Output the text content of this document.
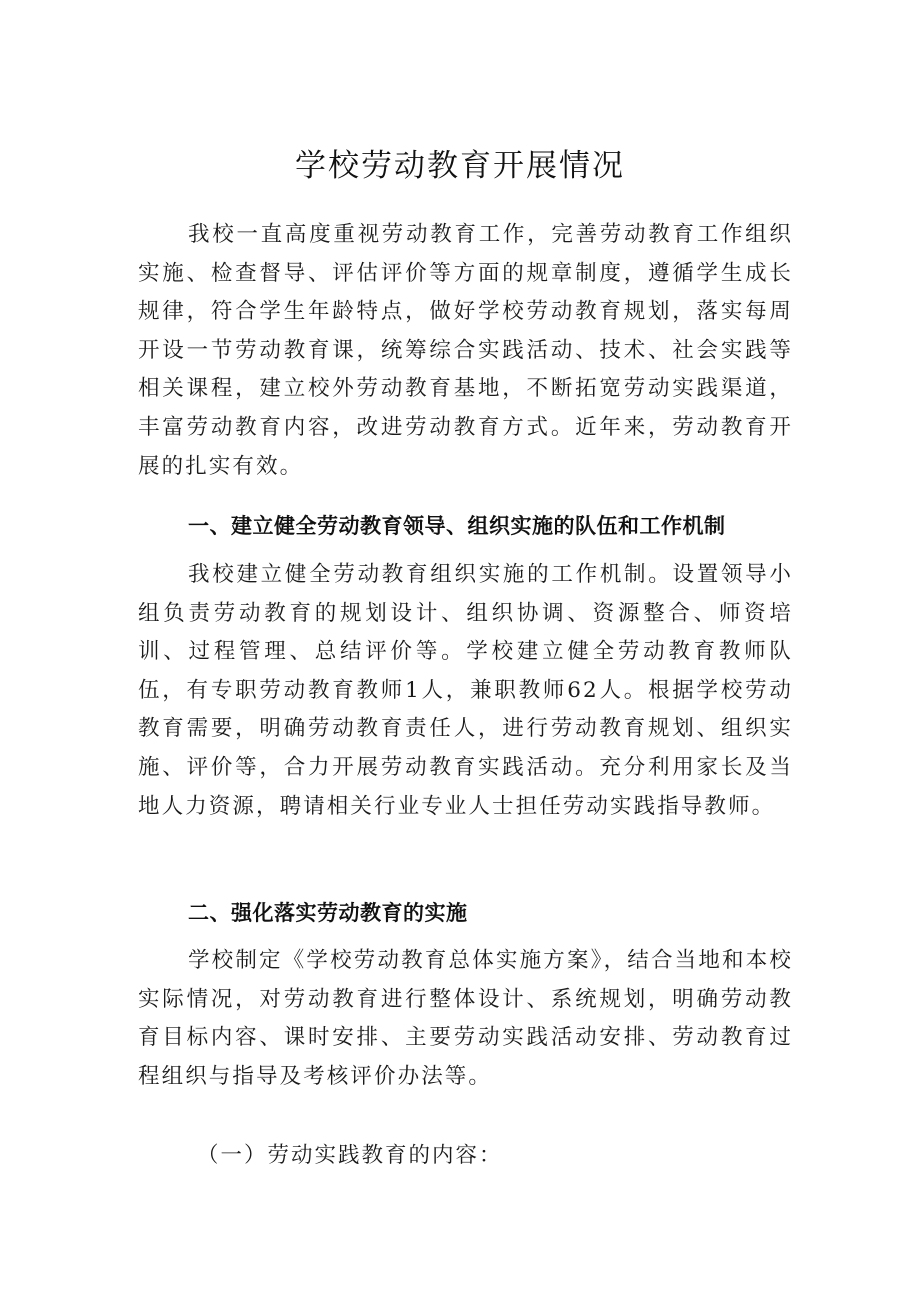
学校劳动教育开展情况

我校一直高度重视劳动教育工作，完善劳动教育工作组织实施、检查督导、评估评价等方面的规章制度，遵循学生成长规律，符合学生年龄特点，做好学校劳动教育规划，落实每周开设一节劳动教育课，统筹综合实践活动、技术、社会实践等相关课程，建立校外劳动教育基地，不断拓宽劳动实践渠道，丰富劳动教育内容，改进劳动教育方式。近年来，劳动教育开展的扎实有效。

一、建立健全劳动教育领导、组织实施的队伍和工作机制

我校建立健全劳动教育组织实施的工作机制。设置领导小组负责劳动教育的规划设计、组织协调、资源整合、师资培训、过程管理、总结评价等。学校建立健全劳动教育教师队伍，有专职劳动教育教师1人，兼职教师62人。根据学校劳动教育需要，明确劳动教育责任人，进行劳动教育规划、组织实施、评价等，合力开展劳动教育实践活动。充分利用家长及当地人力资源，聘请相关行业专业人士担任劳动实践指导教师。

二、强化落实劳动教育的实施

学校制定《学校劳动教育总体实施方案》，结合当地和本校实际情况，对劳动教育进行整体设计、系统规划，明确劳动教育目标内容、课时安排、主要劳动实践活动安排、劳动教育过程组织与指导及考核评价办法等。

（一）劳动实践教育的内容：
